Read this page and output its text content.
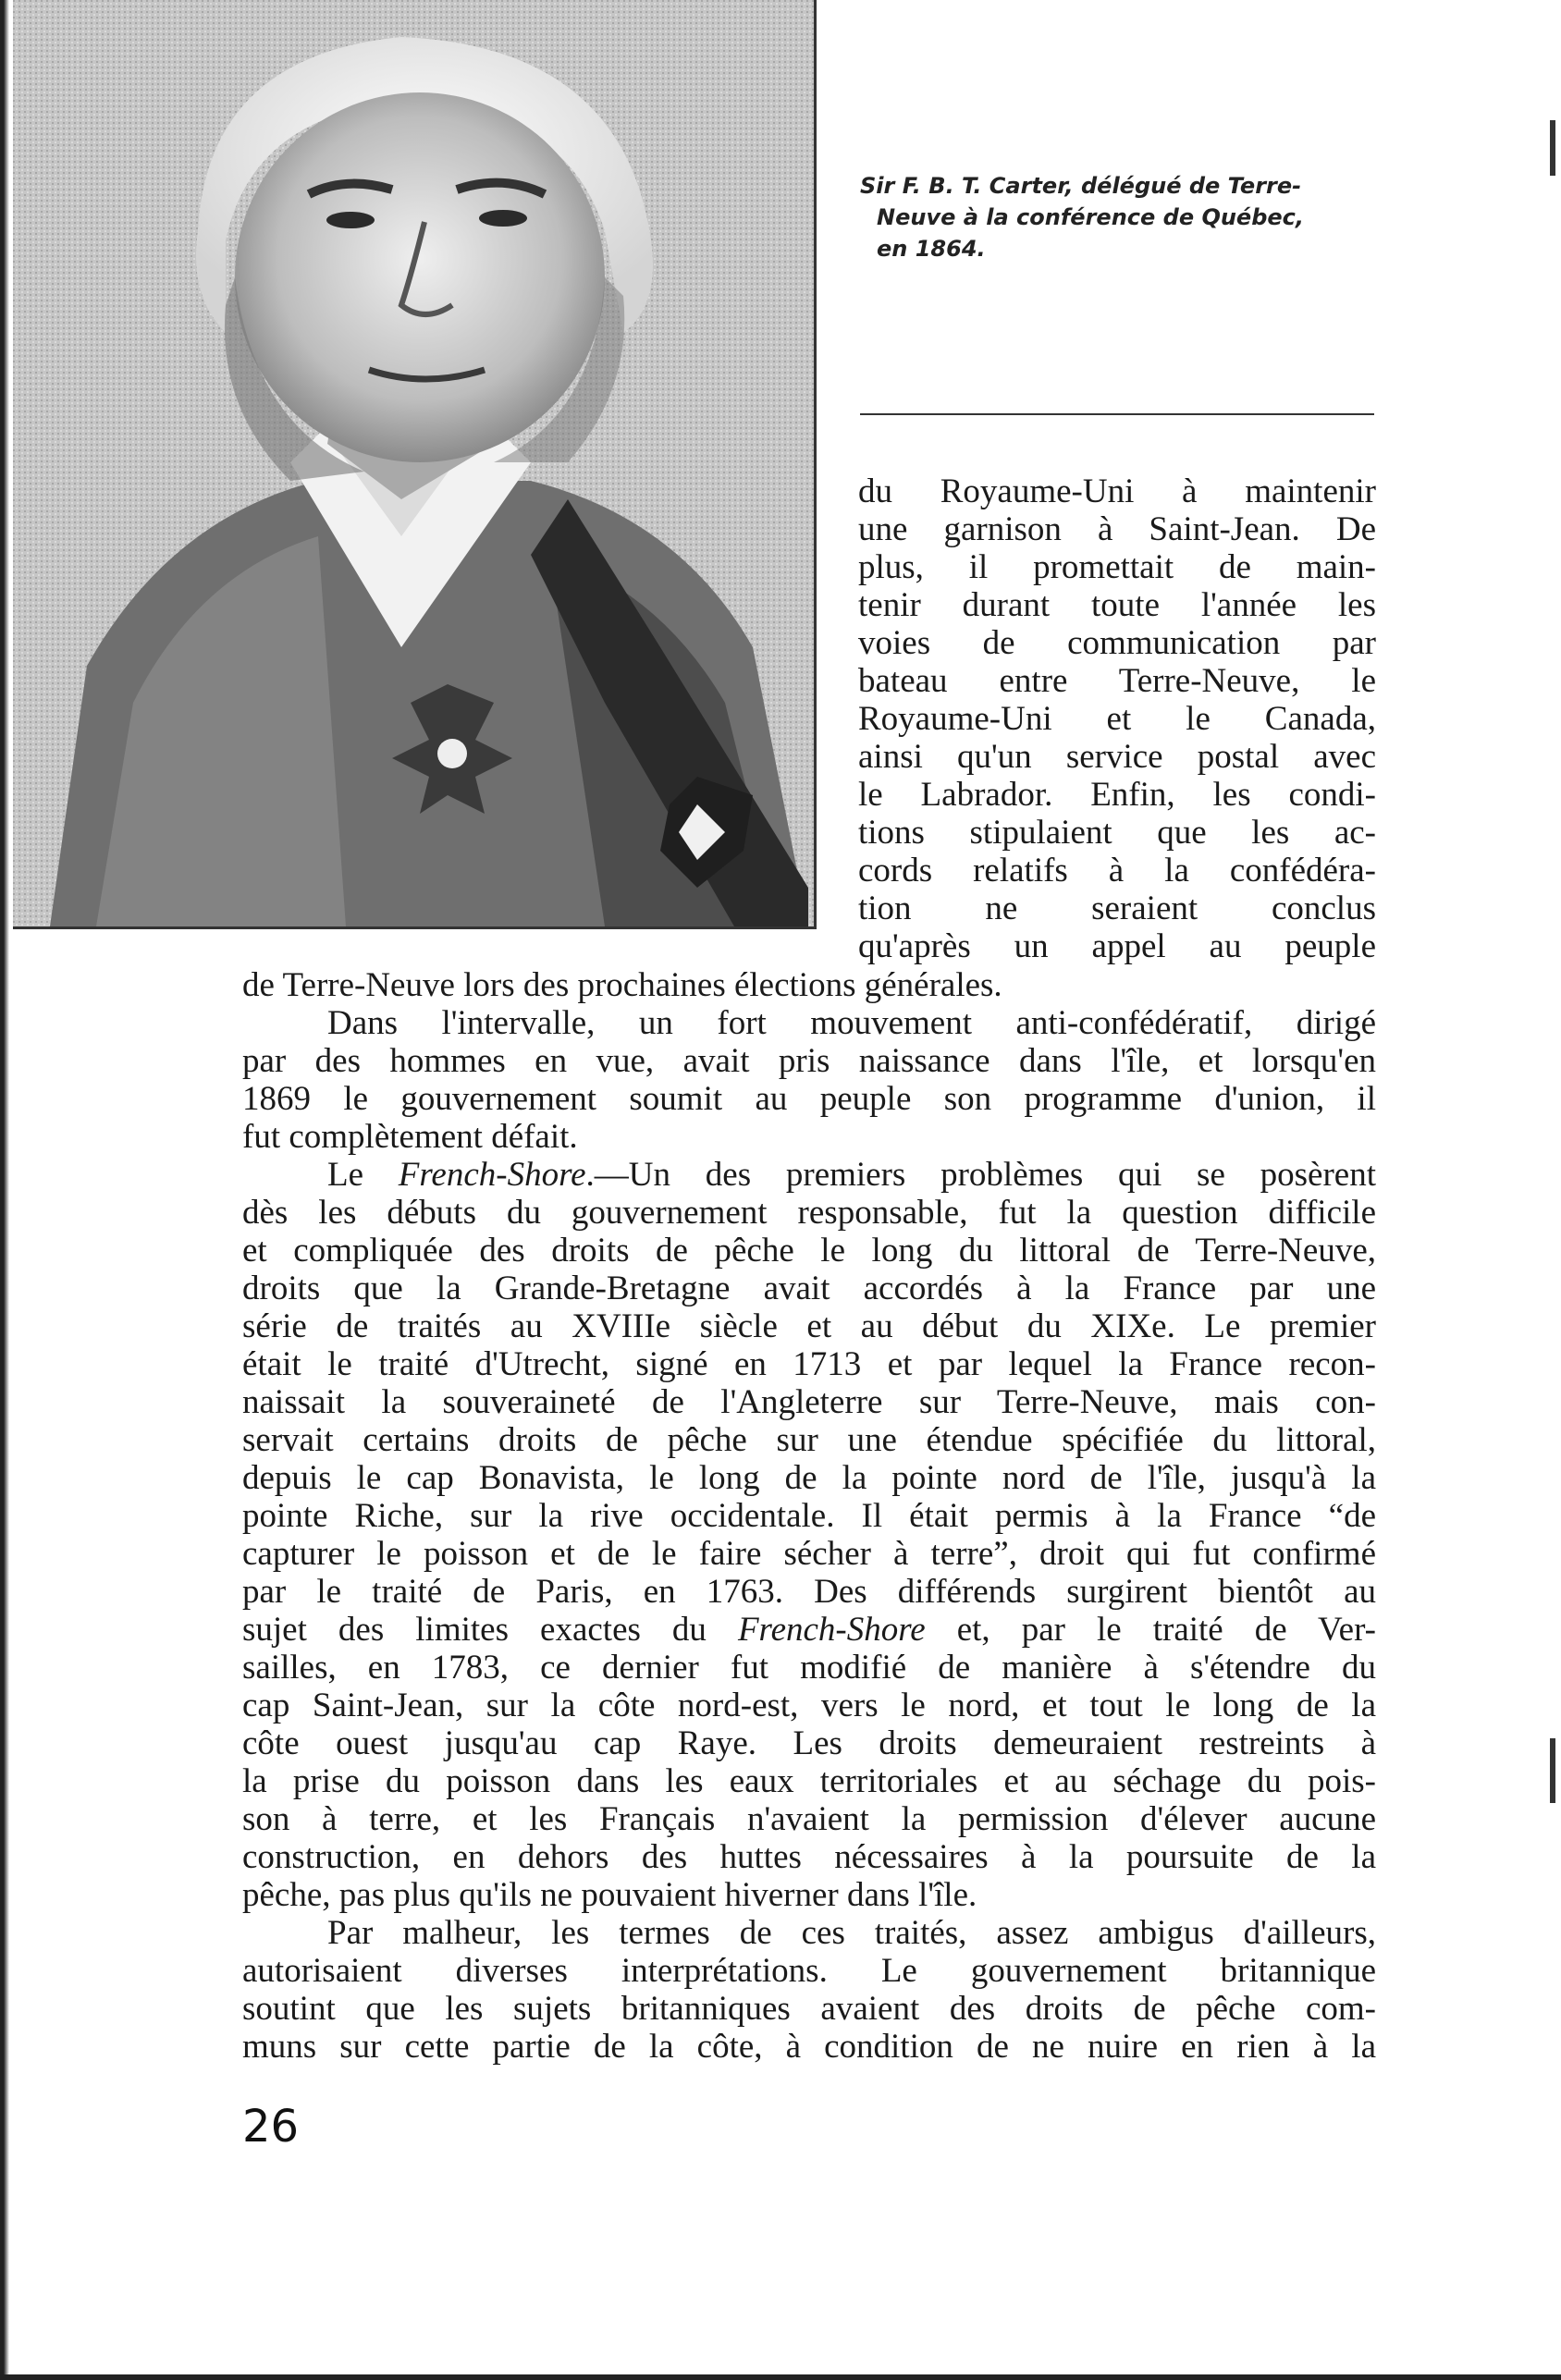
Sir F. B. T. Carter, délégué de Terre-
Neuve à la conférence de Québec,
en 1864.
du Royaume-Uni à maintenir
une garnison à Saint-Jean. De
plus, il promettait de main-
tenir durant toute l'année les
voies de communication par
bateau entre Terre-Neuve, le
Royaume-Uni et le Canada,
ainsi qu'un service postal avec
le Labrador. Enfin, les condi-
tions stipulaient que les ac-
cords relatifs à la confédéra-
tion ne seraient conclus
qu'après un appel au peuple
de Terre-Neuve lors des prochaines élections générales.
Dans l'intervalle, un fort mouvement anti-confédératif, dirigé
par des hommes en vue, avait pris naissance dans l'île, et lorsqu'en
1869 le gouvernement soumit au peuple son programme d'union, il
fut complètement défait.
Le French-Shore.—Un des premiers problèmes qui se posèrent
dès les débuts du gouvernement responsable, fut la question difficile
et compliquée des droits de pêche le long du littoral de Terre-Neuve,
droits que la Grande-Bretagne avait accordés à la France par une
série de traités au XVIIIe siècle et au début du XIXe. Le premier
était le traité d'Utrecht, signé en 1713 et par lequel la France recon-
naissait la souveraineté de l'Angleterre sur Terre-Neuve, mais con-
servait certains droits de pêche sur une étendue spécifiée du littoral,
depuis le cap Bonavista, le long de la pointe nord de l'île, jusqu'à la
pointe Riche, sur la rive occidentale. Il était permis à la France “de
capturer le poisson et de le faire sécher à terre”, droit qui fut confirmé
par le traité de Paris, en 1763. Des différends surgirent bientôt au
sujet des limites exactes du French-Shore et, par le traité de Ver-
sailles, en 1783, ce dernier fut modifié de manière à s'étendre du
cap Saint-Jean, sur la côte nord-est, vers le nord, et tout le long de la
côte ouest jusqu'au cap Raye. Les droits demeuraient restreints à
la prise du poisson dans les eaux territoriales et au séchage du pois-
son à terre, et les Français n'avaient la permission d'élever aucune
construction, en dehors des huttes nécessaires à la poursuite de la
pêche, pas plus qu'ils ne pouvaient hiverner dans l'île.
Par malheur, les termes de ces traités, assez ambigus d'ailleurs,
autorisaient diverses interprétations. Le gouvernement britannique
soutint que les sujets britanniques avaient des droits de pêche com-
muns sur cette partie de la côte, à condition de ne nuire en rien à la
26
